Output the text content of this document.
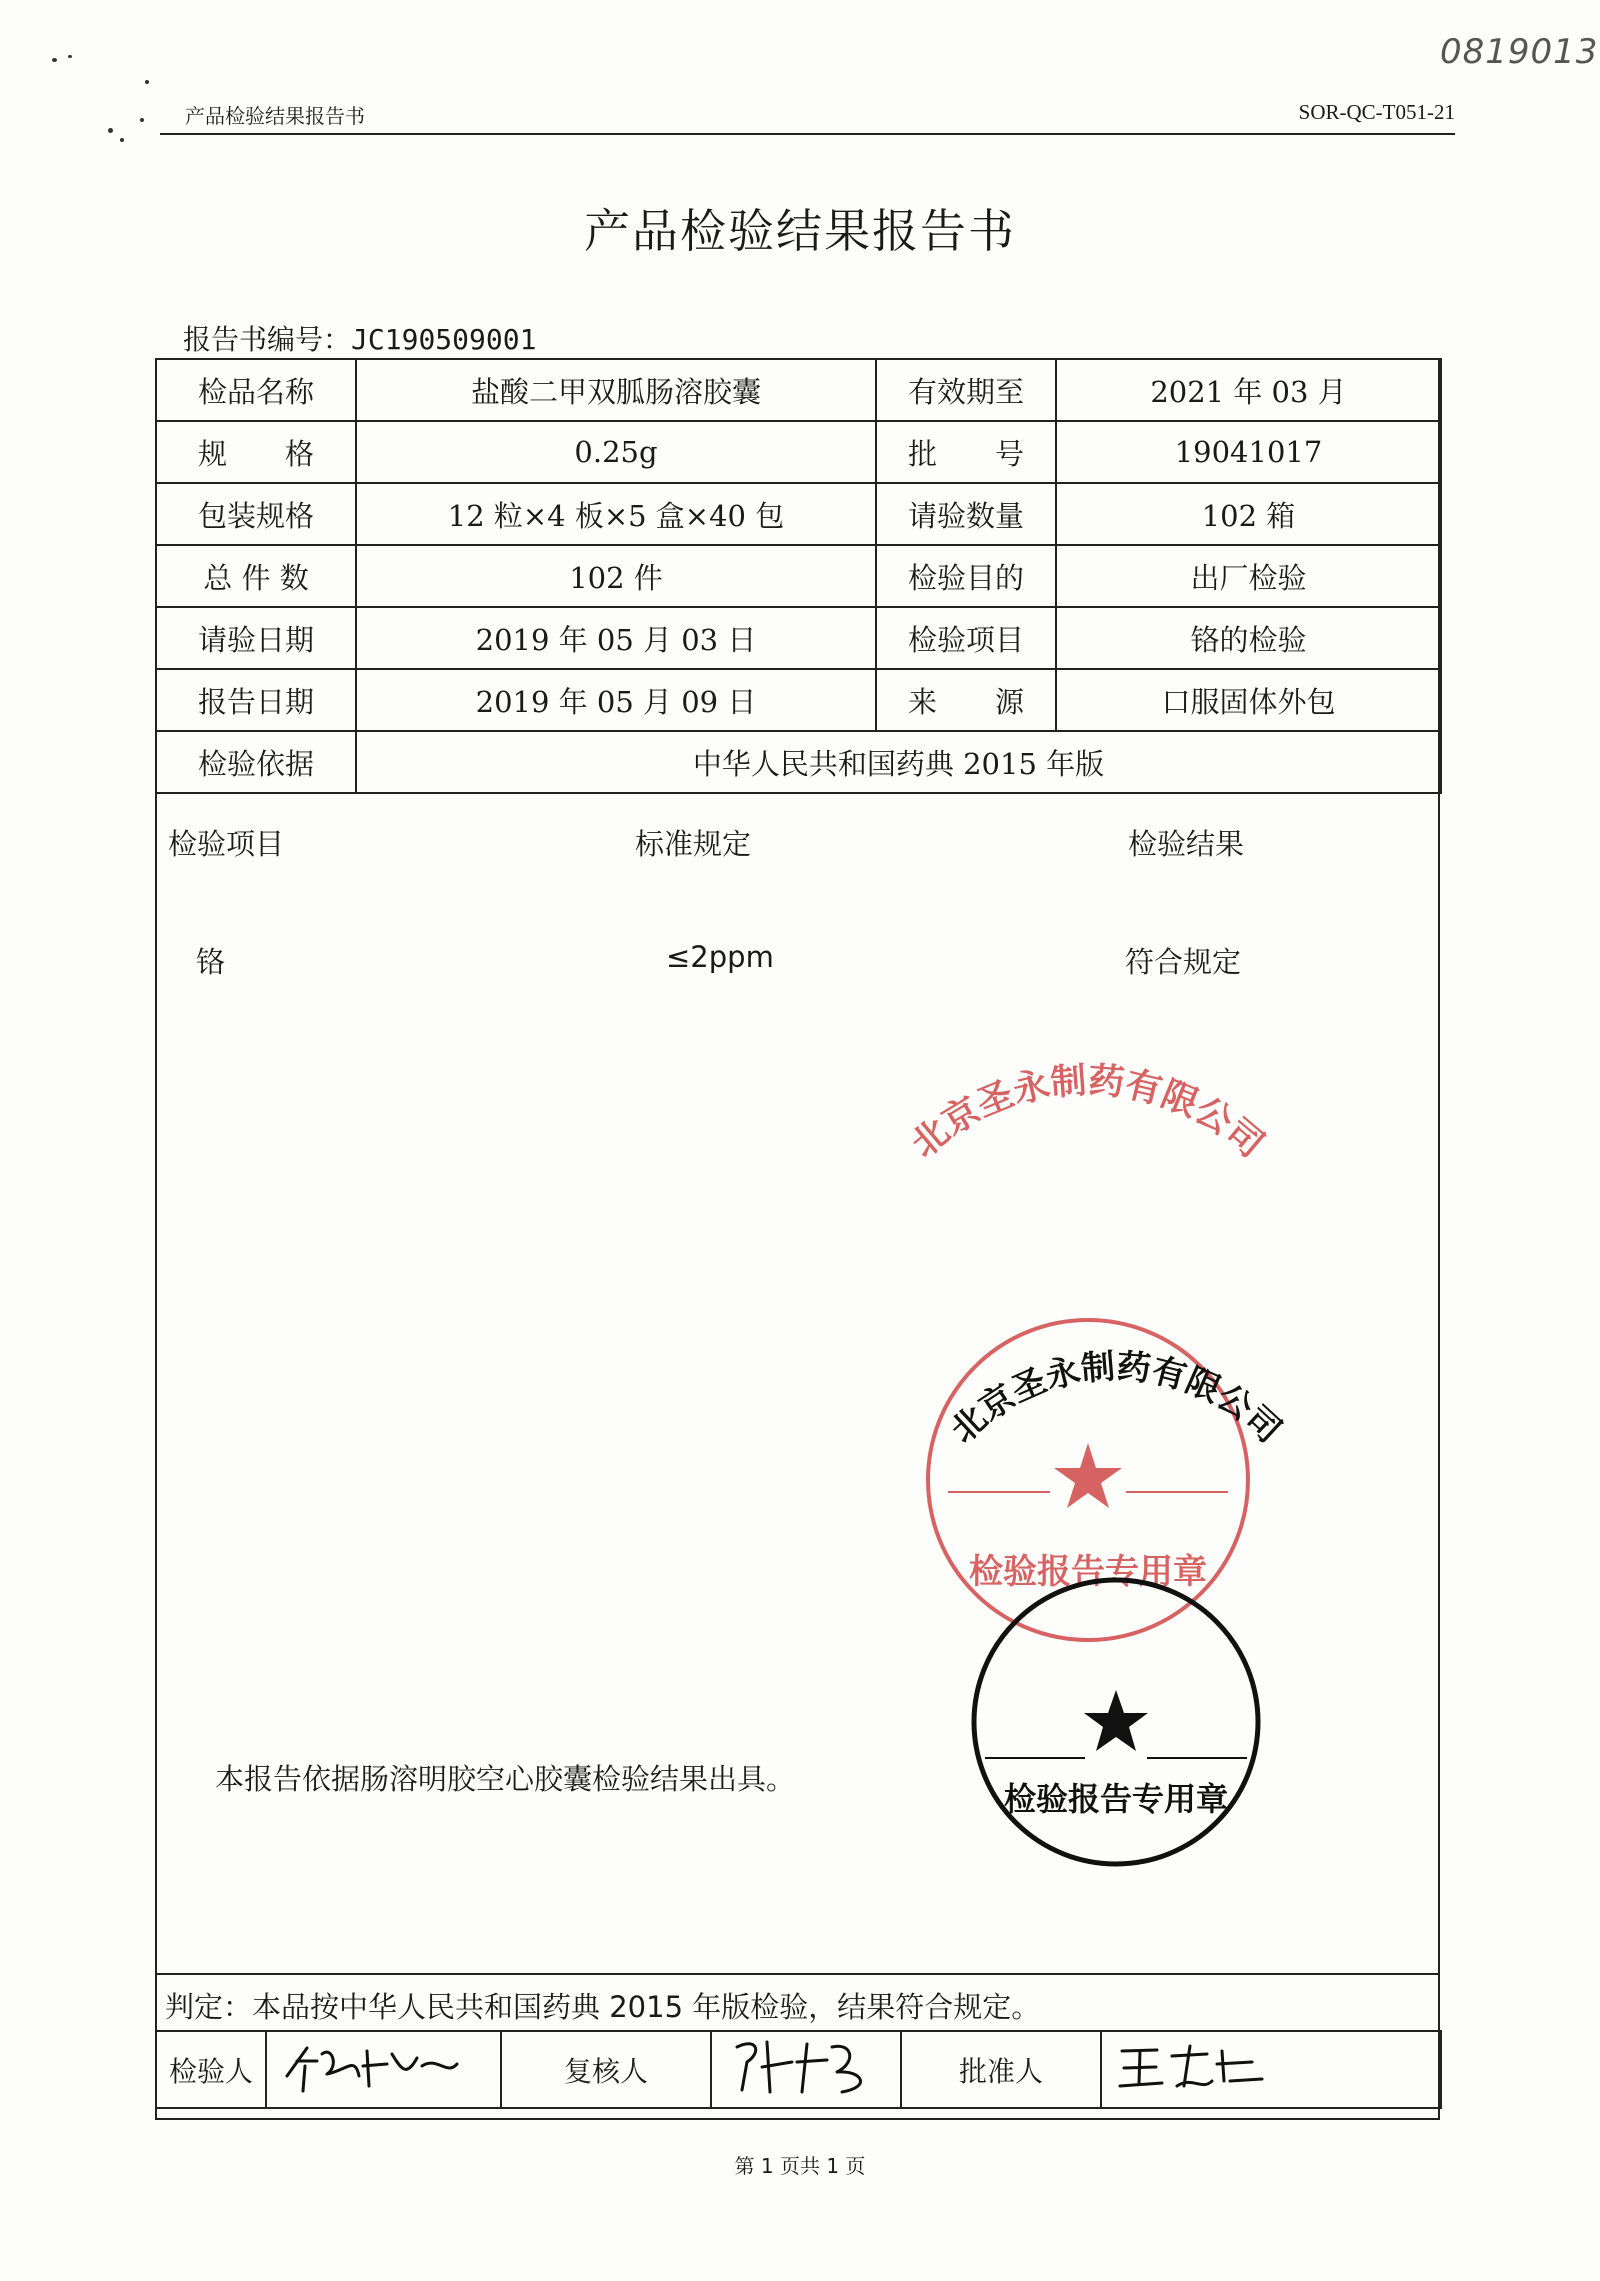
0819013
产品检验结果报告书	SOR-QC-T051-21
产品检验结果报告书
报告书编号：JC190509001
检品名称	盐酸二甲双胍肠溶胶囊	有效期至	2021 年 03 月
规　　格	0.25g	批　　号	19041017
包装规格	12 粒×4 板×5 盒×40 包	请验数量	102 箱
总 件 数	102 件	检验目的	出厂检验
请验日期	2019 年 05 月 03 日	检验项目	铬的检验
报告日期	2019 年 05 月 09 日	来　　源	口服固体外包
检验依据	中华人民共和国药典 2015 年版		
检验项目	标准规定	检验结果
铬	≤2ppm	符合规定
本报告依据肠溶明胶空心胶囊检验结果出具。
北京圣永制药有限公司
检验报告专用章
北京圣永制药有限公司
检验报告专用章
判定：本品按中华人民共和国药典 2015 年版检验，结果符合规定。
检验人		复核人		批准人	
第 1 页共 1 页
